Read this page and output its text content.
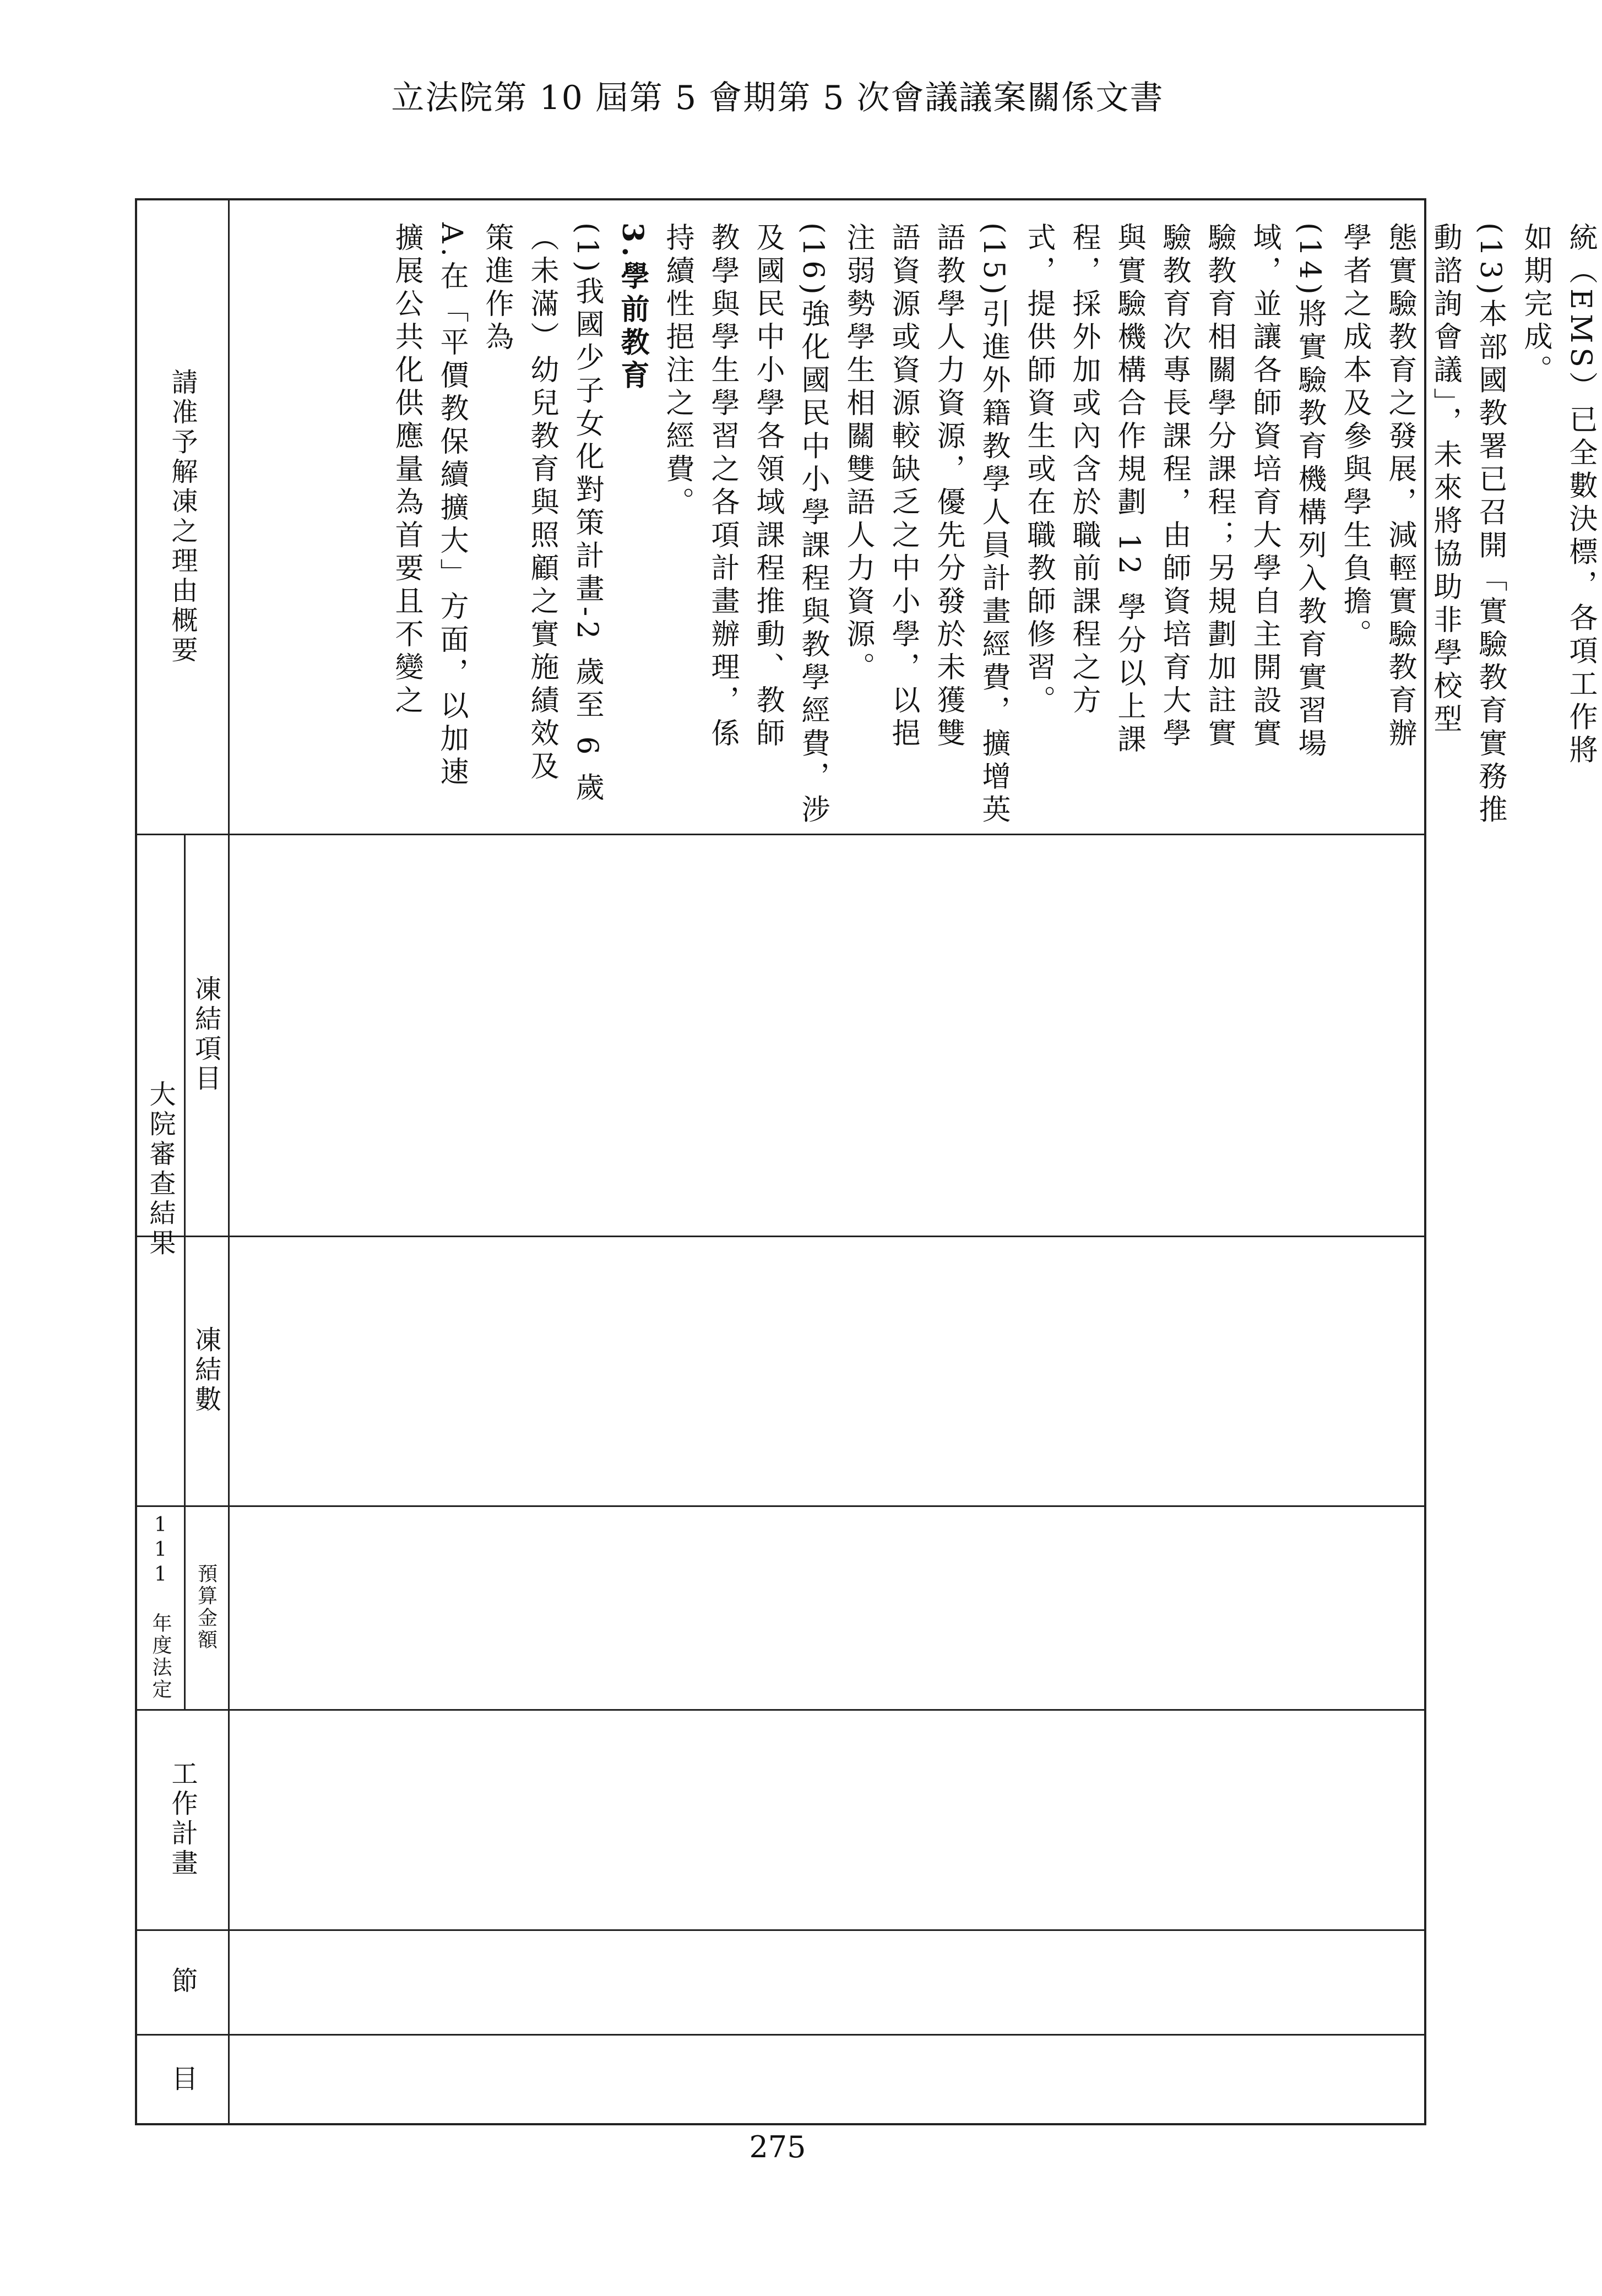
立法院第 10 屆第 5 會期第 5 次會議議案關係文書
請准予解凍之理由概要
大院審查結果
凍結項目
凍結數
111 年度法定	預算金額
工作計畫
節
目
統（EMS）已全數決標，各項工作將
如期完成。
(13)本部國教署已召開「實驗教育實務推
動諮詢會議」，未來將協助非學校型
態實驗教育之發展，減輕實驗教育辦
學者之成本及參與學生負擔。
(14)將實驗教育機構列入教育實習場
域，並讓各師資培育大學自主開設實
驗教育相關學分課程；另規劃加註實
驗教育次專長課程，由師資培育大學
與實驗機構合作規劃 12 學分以上課
程，採外加或內含於職前課程之方
式，提供師資生或在職教師修習。
(15)引進外籍教學人員計畫經費，擴增英
語教學人力資源，優先分發於未獲雙
語資源或資源較缺乏之中小學，以挹
注弱勢學生相關雙語人力資源。
(16)強化國民中小學課程與教學經費，涉
及國民中小學各領域課程推動、教師
教學與學生學習之各項計畫辦理，係
持續性挹注之經費。
3.學前教育
(1)我國少子女化對策計畫-2 歲至 6 歲
（未滿）幼兒教育與照顧之實施績效及
策進作為
A.在「平價教保續擴大」方面，以加速
擴展公共化供應量為首要且不變之
275
